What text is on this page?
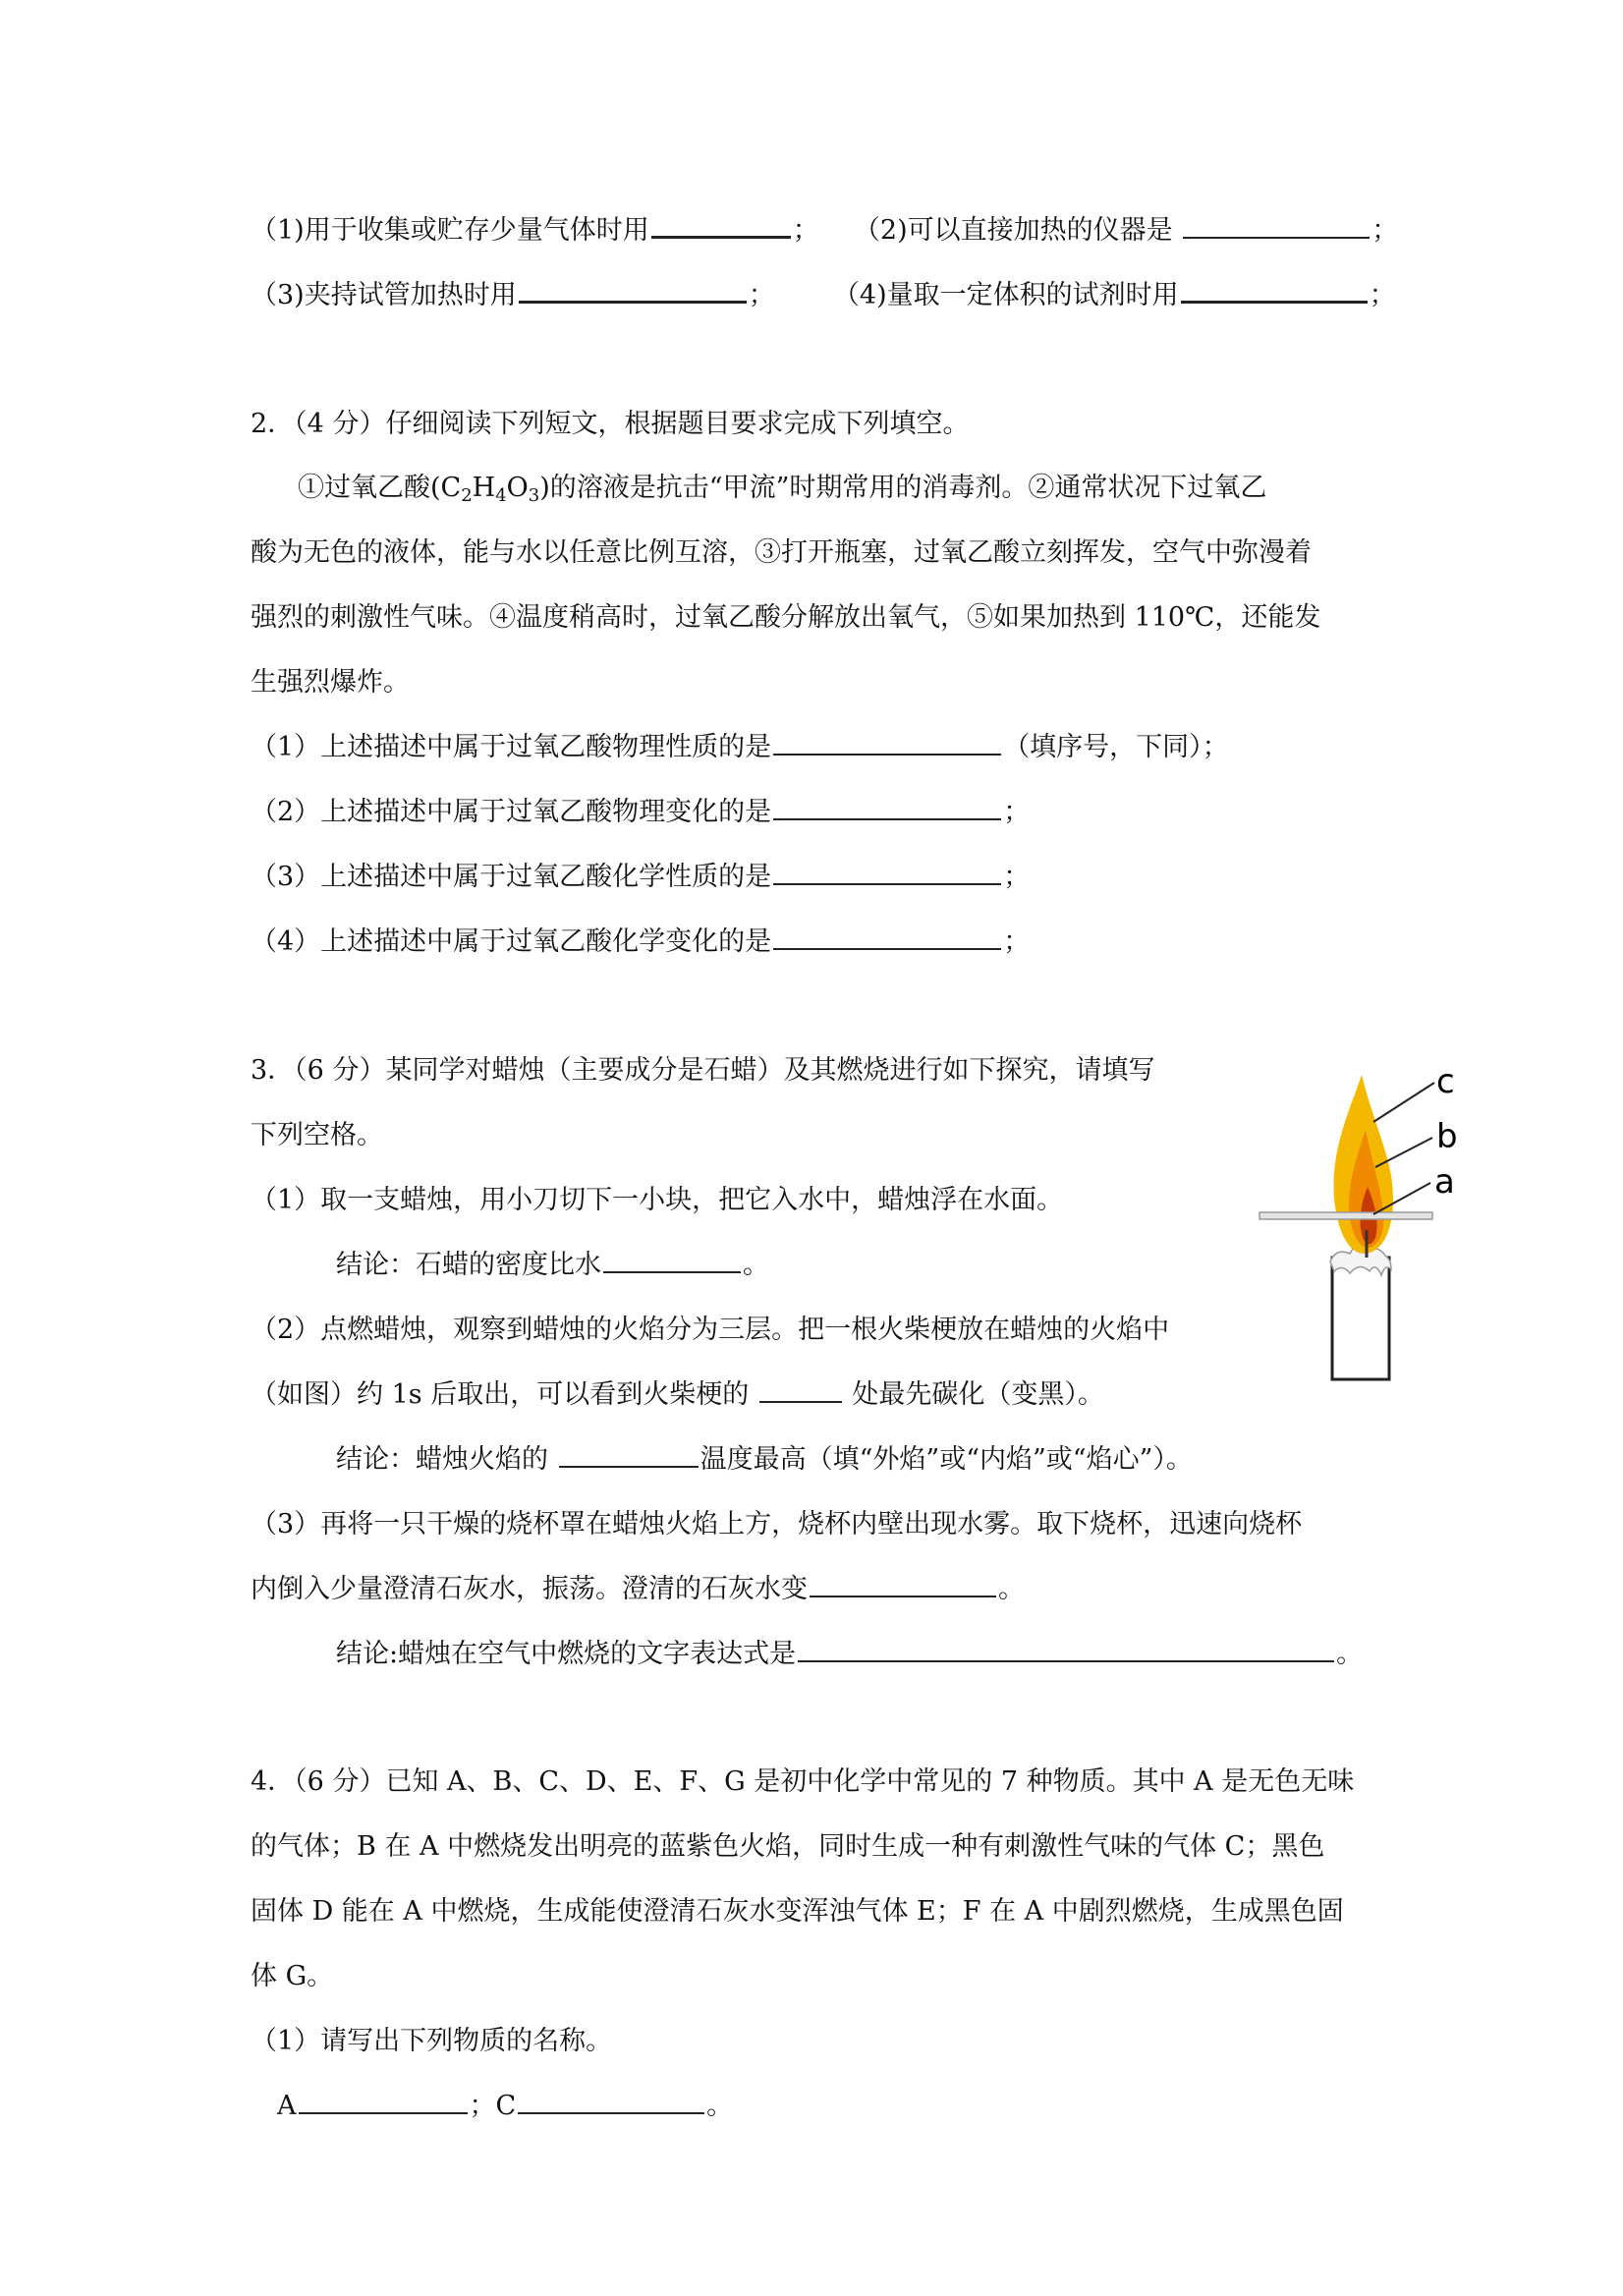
（1)用于收集或贮存少量气体时用	； （2)可以直接加热的仪器是	；
（3)夹持试管加热时用	； （4)量取一定体积的试剂时用	；
2．（4 分）仔细阅读下列短文，根据题目要求完成下列填空。
①过氧乙酸$(C_2H_4O_3)$的溶液是抗击“甲流”时期常用的消毒剂。②通常状况下过氧乙
酸为无色的液体，能与水以任意比例互溶，③打开瓶塞，过氧乙酸立刻挥发，空气中弥漫着
强烈的刺激性气味。④温度稍高时，过氧乙酸分解放出氧气，⑤如果加热到 110℃，还能发
生强烈爆炸。
（1）上述描述中属于过氧乙酸物理性质的是	（填序号，下同）；
（2）上述描述中属于过氧乙酸物理变化的是	；
（3）上述描述中属于过氧乙酸化学性质的是	；
（4）上述描述中属于过氧乙酸化学变化的是	；
3．（6 分）某同学对蜡烛（主要成分是石蜡）及其燃烧进行如下探究，请填写
下列空格。
（1）取一支蜡烛，用小刀切下一小块，把它入水中，蜡烛浮在水面。
结论：石蜡的密度比水	。
（2）点燃蜡烛，观察到蜡烛的火焰分为三层。把一根火柴梗放在蜡烛的火焰中
（如图）约 1s 后取出，可以看到火柴梗的	处最先碳化（变黑）。
结论：蜡烛火焰的	温度最高（填“外焰”或“内焰”或“焰心”）。
（3）再将一只干燥的烧杯罩在蜡烛火焰上方，烧杯内壁出现水雾。取下烧杯，迅速向烧杯
内倒入少量澄清石灰水，振荡。澄清的石灰水变	。
结论:蜡烛在空气中燃烧的文字表达式是	。
c
b
a
4．（6 分）已知 A、B、C、D、E、F、G 是初中化学中常见的 7 种物质。其中 A 是无色无味
的气体；B 在 A 中燃烧发出明亮的蓝紫色火焰，同时生成一种有刺激性气味的气体 C；黑色
固体 D 能在 A 中燃烧，生成能使澄清石灰水变浑浊气体 E；F 在 A 中剧烈燃烧，生成黑色固
体 G。
（1）请写出下列物质的名称。
A	；C	。
